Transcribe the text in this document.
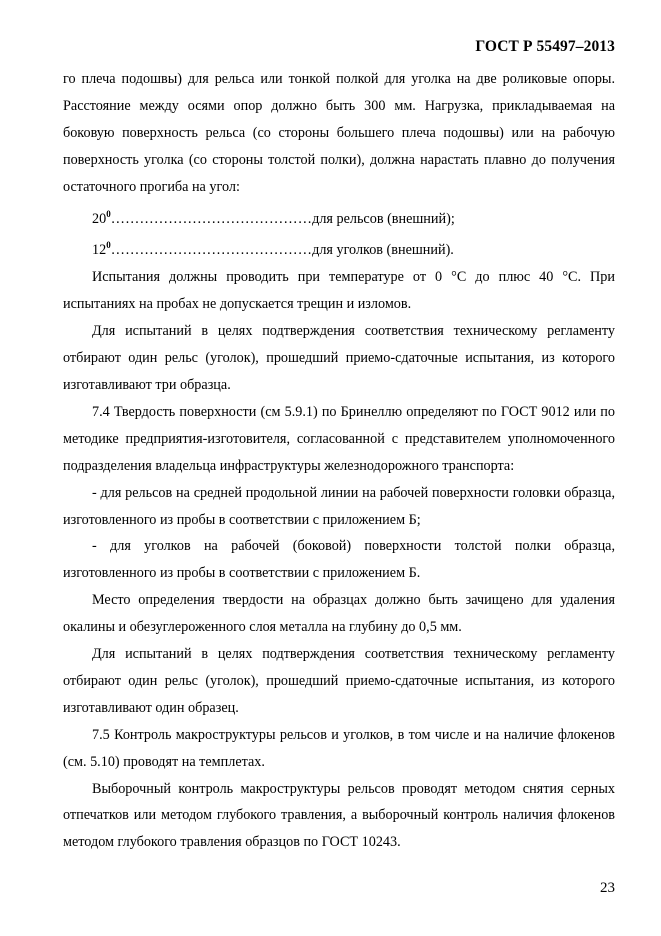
ГОСТ Р 55497–2013

го плеча подошвы) для рельса или тонкой полкой для уголка на две роликовые опоры. Расстояние между осями опор должно быть 300 мм. Нагрузка, прикладываемая на боковую поверхность рельса (со стороны большего плеча подошвы) или на рабочую поверхность уголка (со стороны толстой полки), должна нарастать плавно до получения остаточного прогиба на угол:

$20^0\dots\dots\dots\dots\dots\dots\dots\dots\dots\dots\dots\dots\dots\dots для$ рельсов (внешний);

$12^0\dots\dots\dots\dots\dots\dots\dots\dots\dots\dots\dots\dots\dots\dots для$ уголков (внешний).

Испытания должны проводить при температуре от 0 °С до плюс 40 °С. При испытаниях на пробах не допускается трещин и изломов.

Для испытаний в целях подтверждения соответствия техническому регламенту отбирают один рельс (уголок), прошедший приемо-сдаточные испытания, из которого изготавливают три образца.

7.4 Твердость поверхности (см 5.9.1) по Бринеллю определяют по ГОСТ 9012 или по методике предприятия-изготовителя, согласованной с представителем уполномоченного подразделения владельца инфраструктуры железнодорожного транспорта:

- для рельсов на средней продольной линии на рабочей поверхности головки образца, изготовленного из пробы в соответствии с приложением Б;

- для уголков на рабочей (боковой) поверхности толстой полки образца, изготовленного из пробы в соответствии с приложением Б.

Место определения твердости на образцах должно быть зачищено для удаления окалины и обезуглероженного слоя металла на глубину до 0,5 мм.

Для испытаний в целях подтверждения соответствия техническому регламенту отбирают один рельс (уголок), прошедший приемо-сдаточные испытания, из которого изготавливают один образец.

7.5 Контроль макроструктуры рельсов и уголков, в том числе и на наличие флокенов (см. 5.10) проводят на темплетах.

Выборочный контроль макроструктуры рельсов проводят методом снятия серных отпечатков или методом глубокого травления, а выборочный контроль наличия флокенов методом глубокого травления образцов по ГОСТ 10243.

23
